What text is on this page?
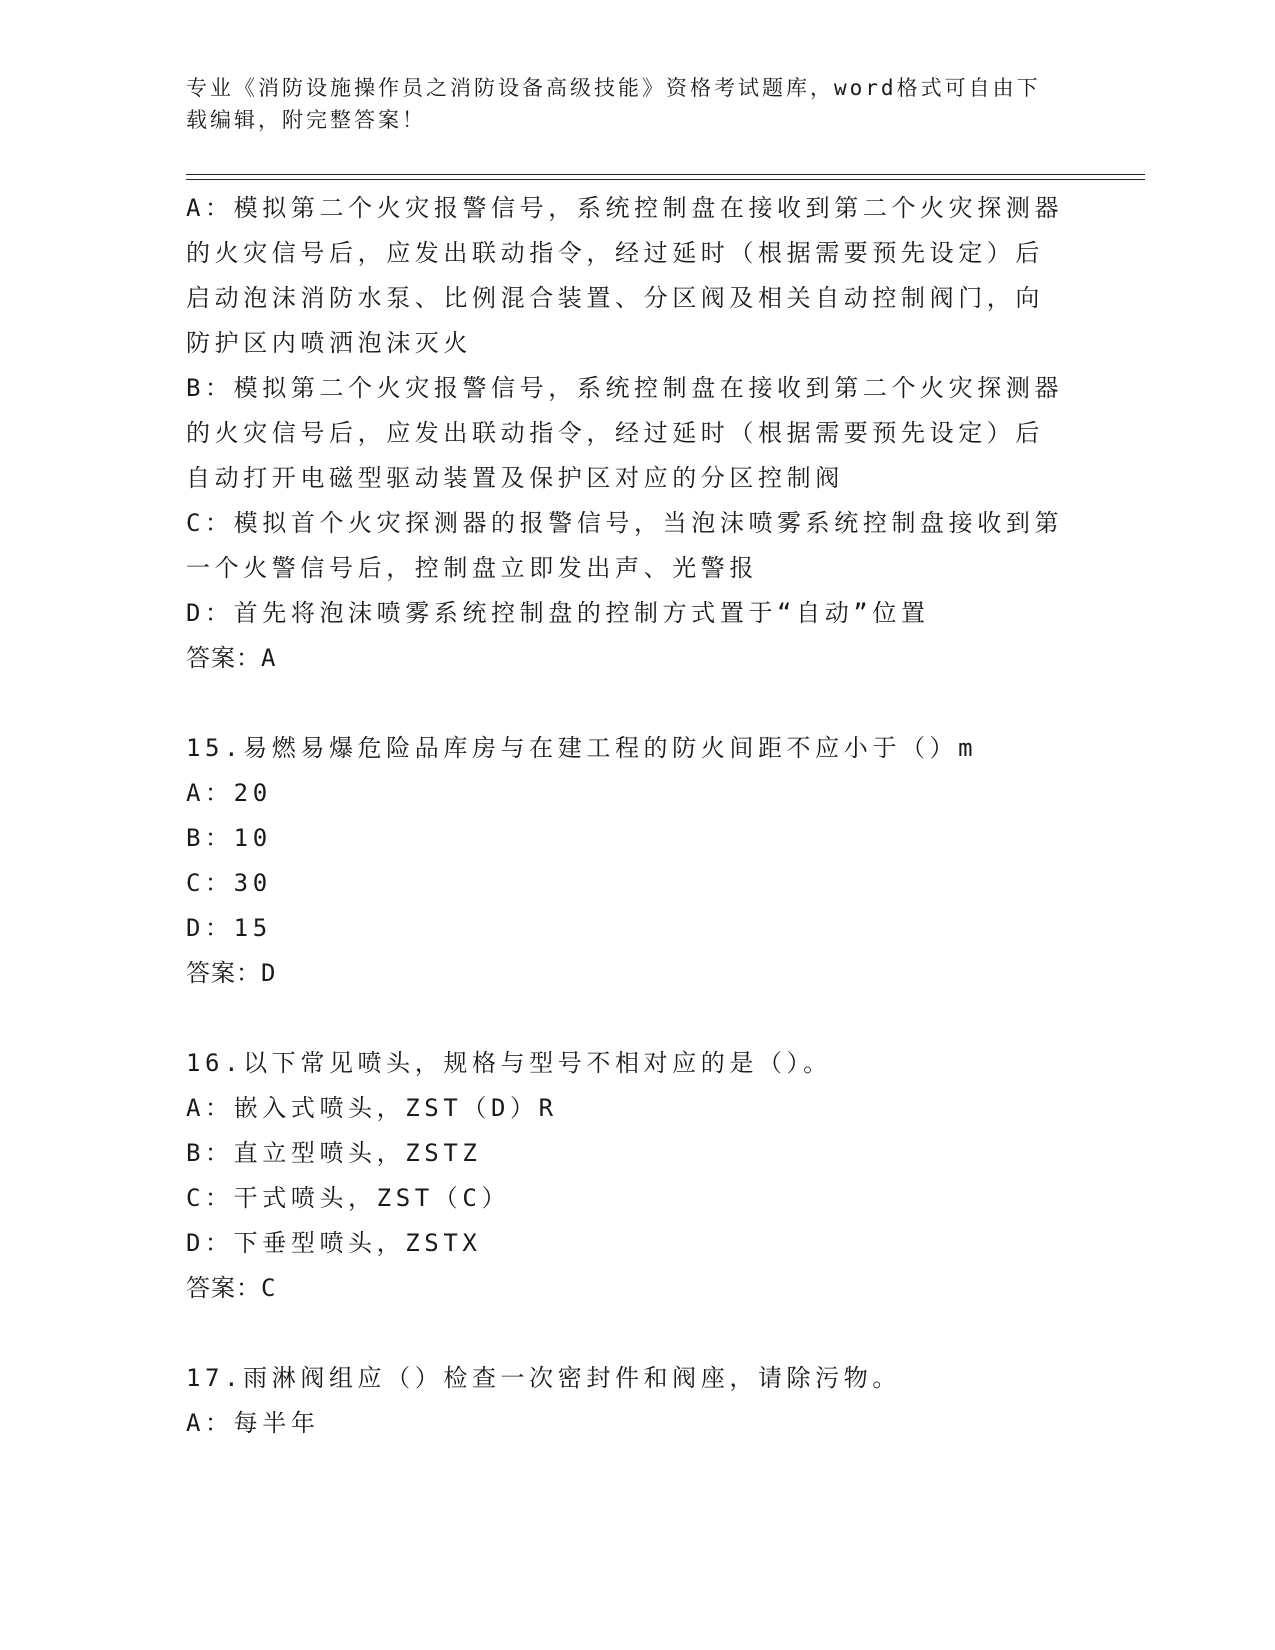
专业《消防设施操作员之消防设备高级技能》资格考试题库，word格式可自由下
载编辑，附完整答案！

A：模拟第二个火灾报警信号，系统控制盘在接收到第二个火灾探测器

的火灾信号后，应发出联动指令，经过延时（根据需要预先设定）后

启动泡沫消防水泵、比例混合装置、分区阀及相关自动控制阀门，向

防护区内喷洒泡沫灭火

B：模拟第二个火灾报警信号，系统控制盘在接收到第二个火灾探测器

的火灾信号后，应发出联动指令，经过延时（根据需要预先设定）后

自动打开电磁型驱动装置及保护区对应的分区控制阀

C：模拟首个火灾探测器的报警信号，当泡沫喷雾系统控制盘接收到第

一个火警信号后，控制盘立即发出声、光警报

D：首先将泡沫喷雾系统控制盘的控制方式置于“自动”位置

答案：A

15.易燃易爆危险品库房与在建工程的防火间距不应小于（）m

A：20

B：10

C：30

D：15

答案：D

16.以下常见喷头，规格与型号不相对应的是（）。

A：嵌入式喷头，ZST（D）R

B：直立型喷头，ZSTZ

C：干式喷头，ZST（C）

D：下垂型喷头，ZSTX

答案：C

17.雨淋阀组应（）检查一次密封件和阀座，请除污物。

A：每半年
